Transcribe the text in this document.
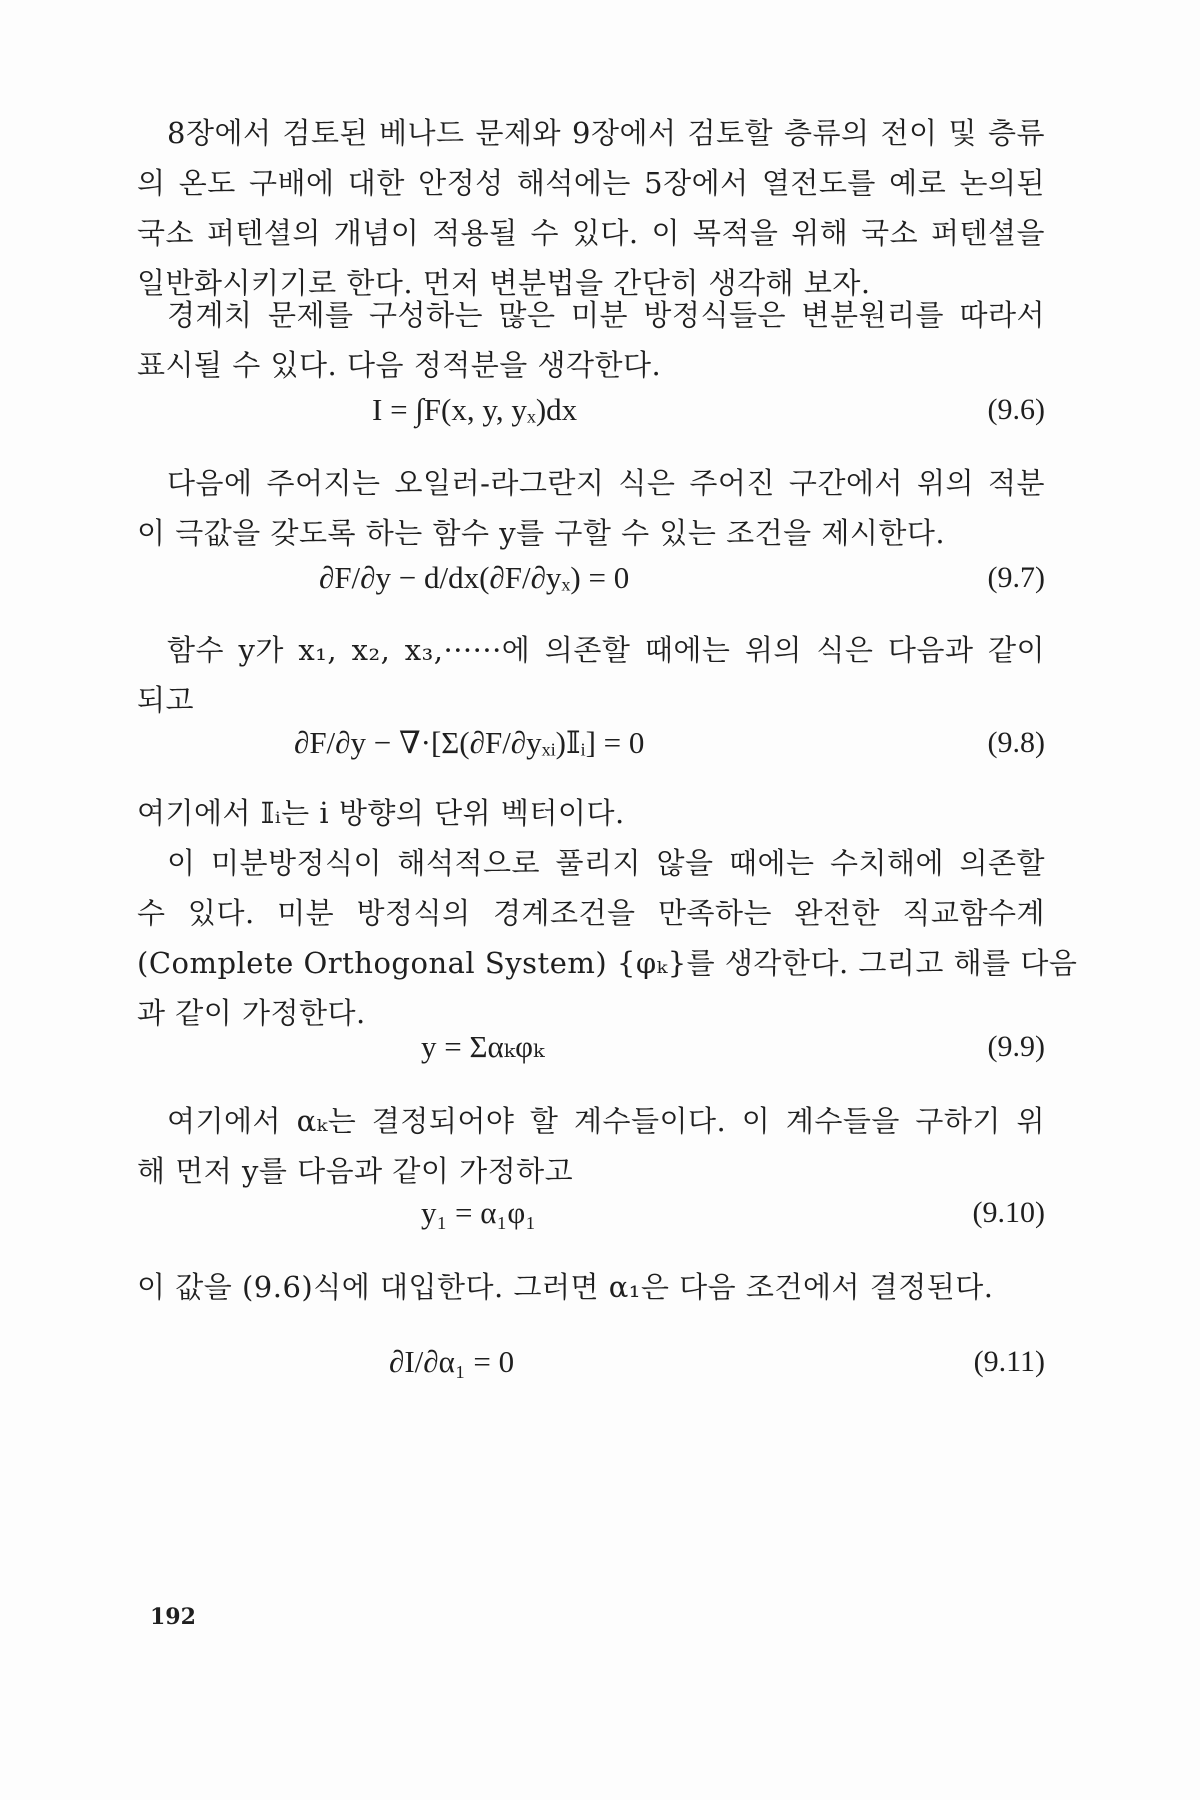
8장에서 검토된 베나드 문제와 9장에서 검토할 층류의 전이 및 층류
의 온도 구배에 대한 안정성 해석에는 5장에서 열전도를 예로 논의된
국소 퍼텐셜의 개념이 적용될 수 있다. 이 목적을 위해 국소 퍼텐셜을
일반화시키기로 한다. 먼저 변분법을 간단히 생각해 보자.
경계치 문제를 구성하는 많은 미분 방정식들은 변분원리를 따라서
표시될 수 있다. 다음 정적분을 생각한다.
I = ∫F(x, y, yₓ)dx	(9.6)
다음에 주어지는 오일러-라그란지 식은 주어진 구간에서 위의 적분
이 극값을 갖도록 하는 함수 y를 구할 수 있는 조건을 제시한다.
∂F/∂y − d/dx(∂F/∂yₓ) = 0	(9.7)
함수 y가 x₁, x₂, x₃,······에 의존할 때에는 위의 식은 다음과 같이
되고
∂F/∂y − ∇·[Σ(∂F/∂yₓᵢ)𝕀ᵢ] = 0	(9.8)
여기에서 𝕀ᵢ는 i 방향의 단위 벡터이다.
이 미분방정식이 해석적으로 풀리지 않을 때에는 수치해에 의존할
수 있다. 미분 방정식의 경계조건을 만족하는 완전한 직교함수계
(Complete Orthogonal System) {φₖ}를 생각한다. 그리고 해를 다음
과 같이 가정한다.
y = Σαₖφₖ	(9.9)
여기에서 αₖ는 결정되어야 할 계수들이다. 이 계수들을 구하기 위
해 먼저 y를 다음과 같이 가정하고
y₁ = α₁φ₁	(9.10)
이 값을 (9.6)식에 대입한다. 그러면 α₁은 다음 조건에서 결정된다.
∂I/∂α₁ = 0	(9.11)
192
